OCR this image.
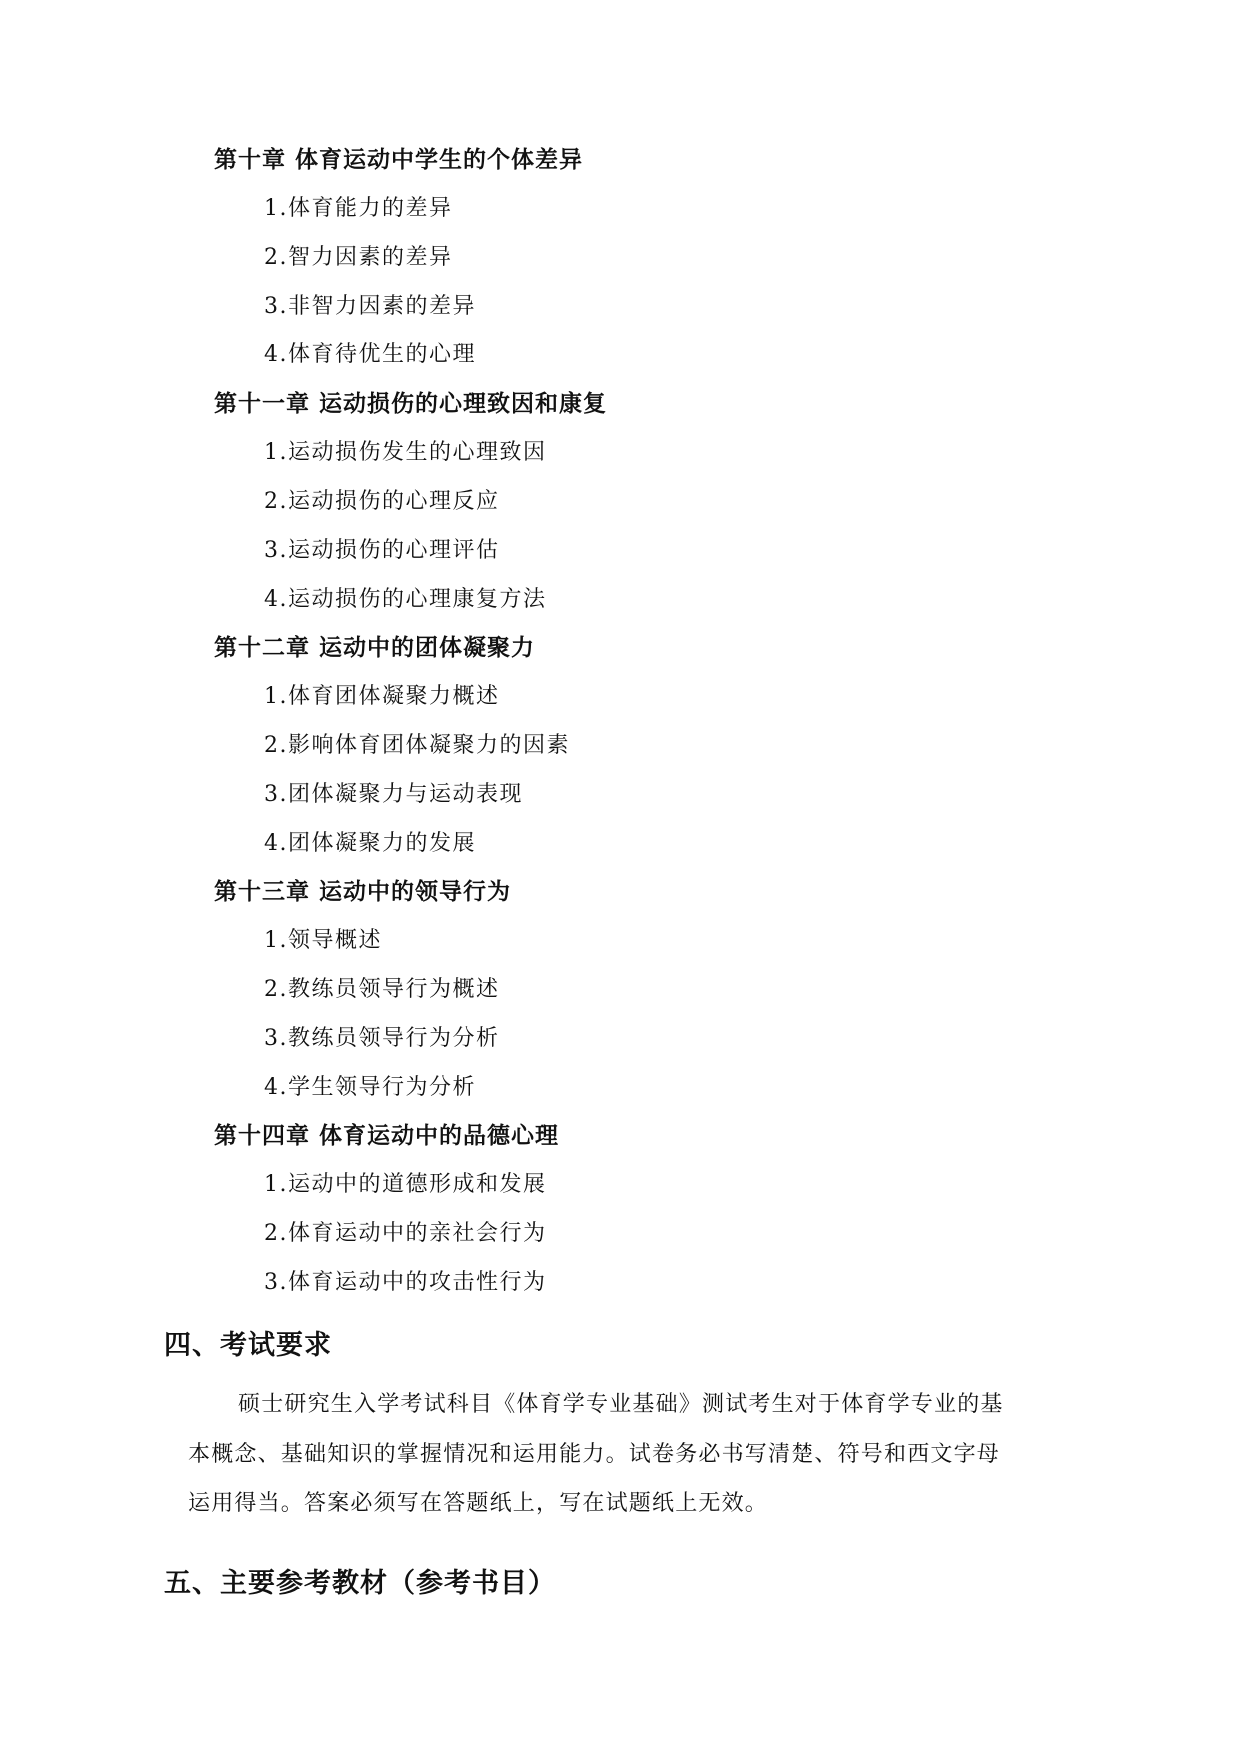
第十章 体育运动中学生的个体差异
1.体育能力的差异
2.智力因素的差异
3.非智力因素的差异
4.体育待优生的心理
第十一章 运动损伤的心理致因和康复
1.运动损伤发生的心理致因
2.运动损伤的心理反应
3.运动损伤的心理评估
4.运动损伤的心理康复方法
第十二章 运动中的团体凝聚力
1.体育团体凝聚力概述
2.影响体育团体凝聚力的因素
3.团体凝聚力与运动表现
4.团体凝聚力的发展
第十三章 运动中的领导行为
1.领导概述
2.教练员领导行为概述
3.教练员领导行为分析
4.学生领导行为分析
第十四章 体育运动中的品德心理
1.运动中的道德形成和发展
2.体育运动中的亲社会行为
3.体育运动中的攻击性行为
四、考试要求
硕士研究生入学考试科目《体育学专业基础》测试考生对于体育学专业的基
本概念、基础知识的掌握情况和运用能力。试卷务必书写清楚、符号和西文字母
运用得当。答案必须写在答题纸上，写在试题纸上无效。
五、主要参考教材（参考书目）
